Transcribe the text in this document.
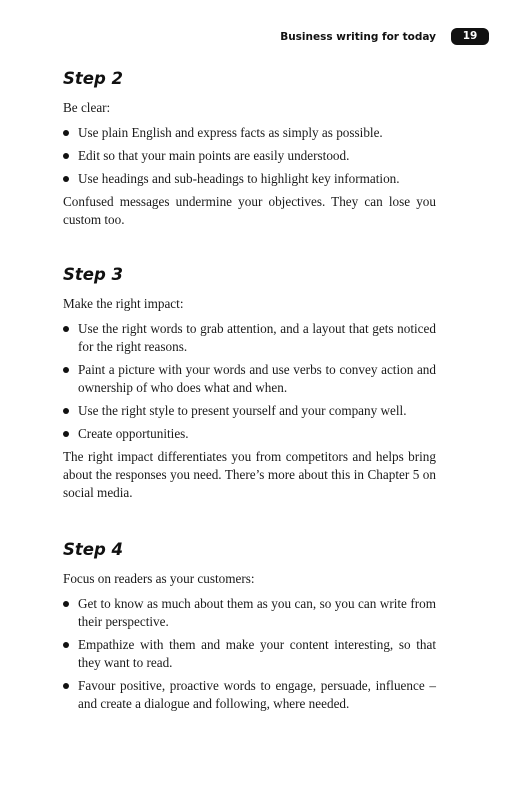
Business writing for today	19
Step 2

Be clear:

Use plain English and express facts as simply as possible.
Edit so that your main points are easily understood.
Use headings and sub-headings to highlight key information.

Confused messages undermine your objectives. They can lose you custom too.

Step 3

Make the right impact:

Use the right words to grab attention, and a layout that gets noticed for the right reasons.
Paint a picture with your words and use verbs to convey action and ownership of who does what and when.
Use the right style to present yourself and your company well.
Create opportunities.

The right impact differentiates you from competitors and helps bring about the responses you need. There’s more about this in Chapter 5 on social media.

Step 4

Focus on readers as your customers:

Get to know as much about them as you can, so you can write from their perspective.
Empathize with them and make your content interesting, so that they want to read.
Favour positive, proactive words to engage, persuade, influence – and create a dialogue and following, where needed.
